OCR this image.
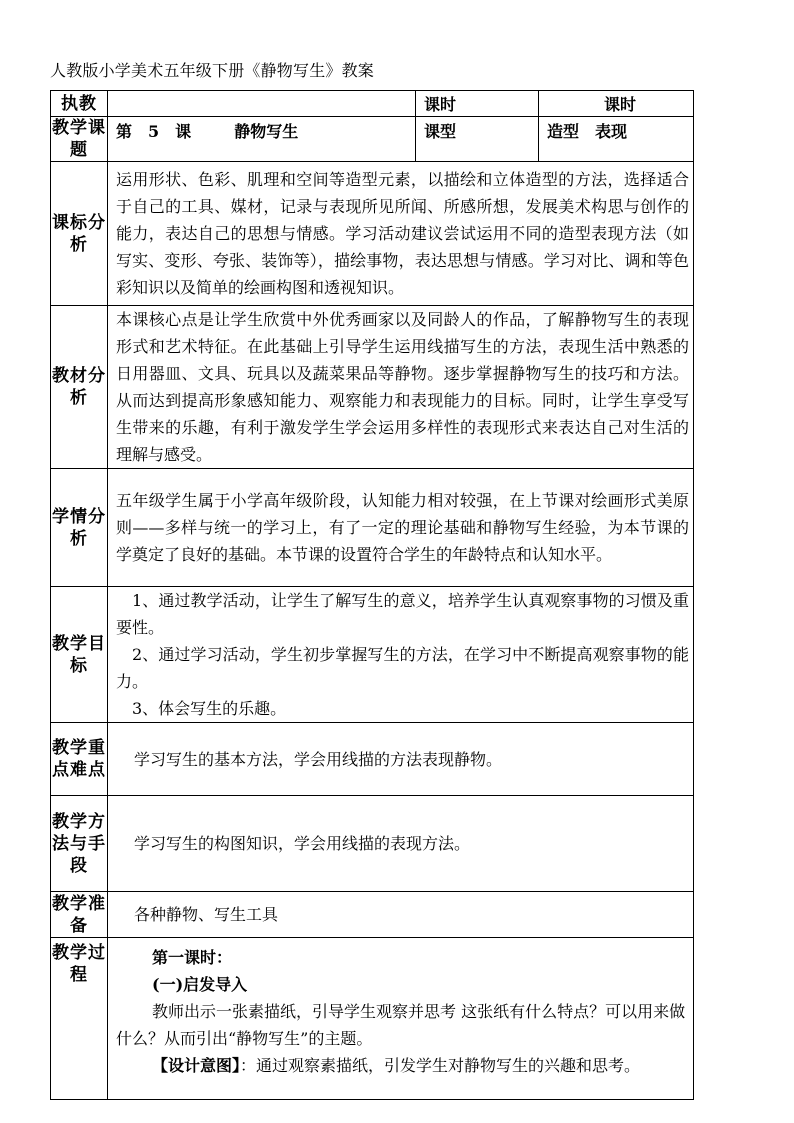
人教版小学美术五年级下册《静物写生》教案
执教		课时	课时
教学课题	第　5　课 静物写生	课型	造型　表现
课标分析	运用形状、色彩、肌理和空间等造型元素，以描绘和立体造型的方法，选择适合于自己的工具、媒材，记录与表现所见所闻、所感所想，发展美术构思与创作的能力，表达自己的思想与情感。学习活动建议尝试运用不同的造型表现方法（如写实、变形、夸张、装饰等），描绘事物，表达思想与情感。学习对比、调和等色彩知识以及简单的绘画构图和透视知识。		
教材分析	本课核心点是让学生欣赏中外优秀画家以及同龄人的作品，了解静物写生的表现形式和艺术特征。在此基础上引导学生运用线描写生的方法，表现生活中熟悉的日用器皿、文具、玩具以及蔬菜果品等静物。逐步掌握静物写生的技巧和方法。从而达到提高形象感知能力、观察能力和表现能力的目标。同时，让学生享受写生带来的乐趣，有利于激发学生学会运用多样性的表现形式来表达自己对生活的理解与感受。		
学情分析	五年级学生属于小学高年级阶段，认知能力相对较强，在上节课对绘画形式美原则——多样与统一的学习上，有了一定的理论基础和静物写生经验，为本节课的学奠定了良好的基础。本节课的设置符合学生的年龄特点和认知水平。		
教学目标	1、通过教学活动，让学生了解写生的意义，培养学生认真观察事物的习惯及重要性。
2、通过学习活动，学生初步掌握写生的方法，在学习中不断提高观察事物的能力。
3、体会写生的乐趣。		

教学重点难点	学习写生的基本方法，学会用线描的方法表现静物。		
教学方法与手段	学习写生的构图知识，学会用线描的表现方法。		
教学准备	各种静物、写生工具		
教学过程	第一课时：
(一)启发导入
教师出示一张素描纸，引导学生观察并思考 这张纸有什么特点？可以用来做什么？从而引出“静物写生”的主题。
【设计意图】：通过观察素描纸，引发学生对静物写生的兴趣和思考。		
